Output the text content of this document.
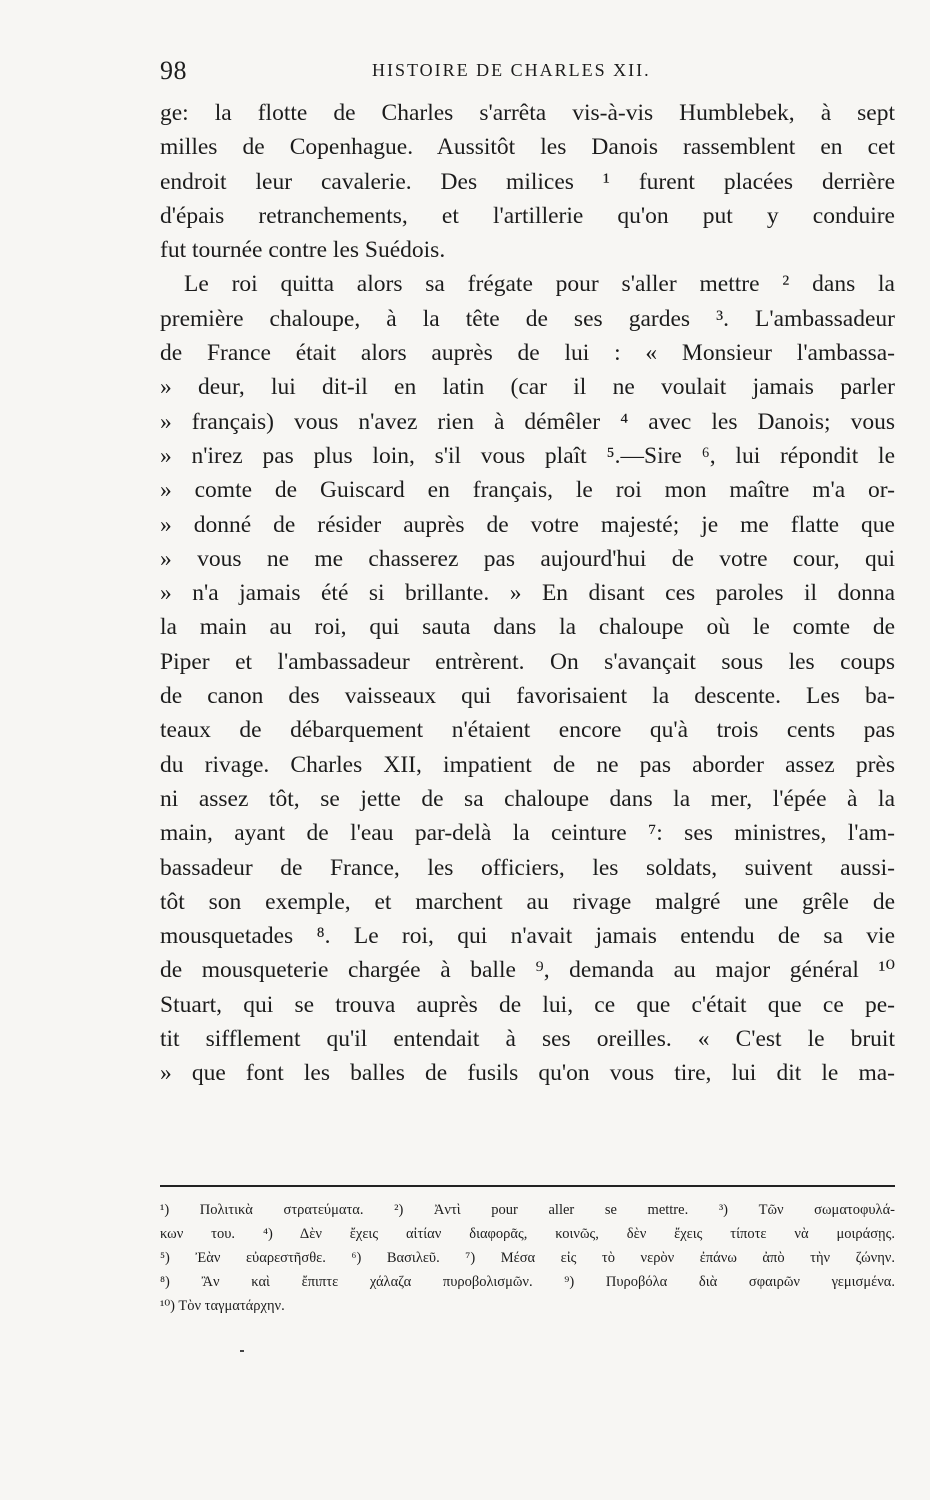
98	HISTOIRE DE CHARLES XII.
ge: la flotte de Charles s'arrêta vis-à-vis Humblebek, à sept
milles de Copenhague. Aussitôt les Danois rassemblent en cet
endroit leur cavalerie. Des milices ¹ furent placées derrière
d'épais retranchements, et l'artillerie qu'on put y conduire
fut tournée contre les Suédois.
Le roi quitta alors sa frégate pour s'aller mettre ² dans la
première chaloupe, à la tête de ses gardes ³. L'ambassadeur
de France était alors auprès de lui : « Monsieur l'ambassa-
» deur, lui dit-il en latin (car il ne voulait jamais parler
» français) vous n'avez rien à démêler ⁴ avec les Danois; vous
» n'irez pas plus loin, s'il vous plaît ⁵.—Sire ⁶, lui répondit le
» comte de Guiscard en français, le roi mon maître m'a or-
» donné de résider auprès de votre majesté; je me flatte que
» vous ne me chasserez pas aujourd'hui de votre cour, qui
» n'a jamais été si brillante. » En disant ces paroles il donna
la main au roi, qui sauta dans la chaloupe où le comte de
Piper et l'ambassadeur entrèrent. On s'avançait sous les coups
de canon des vaisseaux qui favorisaient la descente. Les ba-
teaux de débarquement n'étaient encore qu'à trois cents pas
du rivage. Charles XII, impatient de ne pas aborder assez près
ni assez tôt, se jette de sa chaloupe dans la mer, l'épée à la
main, ayant de l'eau par-delà la ceinture ⁷: ses ministres, l'am-
bassadeur de France, les officiers, les soldats, suivent aussi-
tôt son exemple, et marchent au rivage malgré une grêle de
mousquetades ⁸. Le roi, qui n'avait jamais entendu de sa vie
de mousqueterie chargée à balle ⁹, demanda au major général ¹⁰
Stuart, qui se trouva auprès de lui, ce que c'était que ce pe-
tit sifflement qu'il entendait à ses oreilles. « C'est le bruit
» que font les balles de fusils qu'on vous tire, lui dit le ma-
¹) Πολιτικὰ στρατεύματα. ²) Ἀντὶ pour aller se mettre. ³) Τῶν σωματοφυλά-
κων του. ⁴) Δὲν ἔχεις αἰτίαν διαφορᾶς, κοινῶς, δὲν ἔχεις τίποτε νὰ μοιράσῃς.
⁵) Ἐὰν εὐαρεστῆσθε. ⁶) Βασιλεῦ. ⁷) Μέσα εἰς τὸ νερὸν ἐπάνω ἀπὸ τὴν ζώνην.
⁸) Ἂν καὶ ἔπιπτε χάλαζα πυροβολισμῶν. ⁹) Πυροβόλα διὰ σφαιρῶν γεμισμένα.
¹⁰) Τὸν ταγματάρχην.
